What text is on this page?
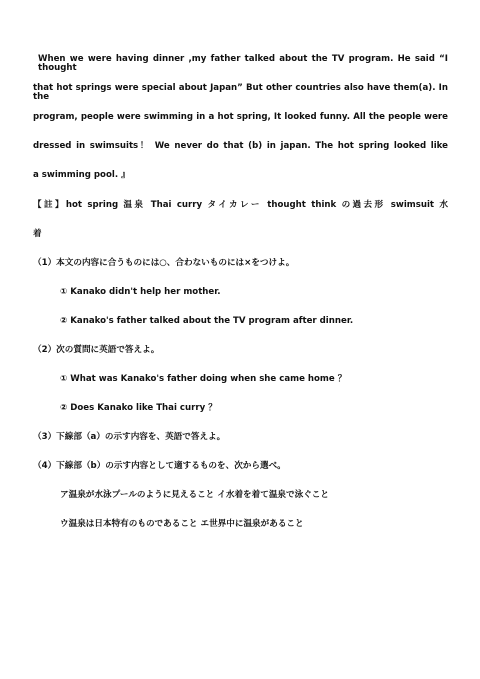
When we were having dinner ,my father talked about the TV program. He said “I thought
that hot springs were special about Japan” But other countries also have them(a). In the
program, people were swimming in a hot spring, It looked funny. All the people were
dressed in swimsuits！ We never do that (b) in japan. The hot spring looked like
a swimming pool. 』
【註】hot spring 温泉 Thai curry タイカレー thought think の過去形 swimsuit 水
着
（1）本文の内容に合うものには○、合わないものには×をつけよ。
① Kanako didn't help her mother.
② Kanako's father talked about the TV program after dinner.
（2）次の質問に英語で答えよ。
① What was Kanako's father doing when she came home ？
② Does Kanako like Thai curry ？
（3）下線部（a）の示す内容を、英語で答えよ。
（4）下線部（b）の示す内容として適するものを、次から選べ。
ア温泉が水泳プールのように見えること イ水着を着て温泉で泳ぐこと
ウ温泉は日本特有のものであること エ世界中に温泉があること
